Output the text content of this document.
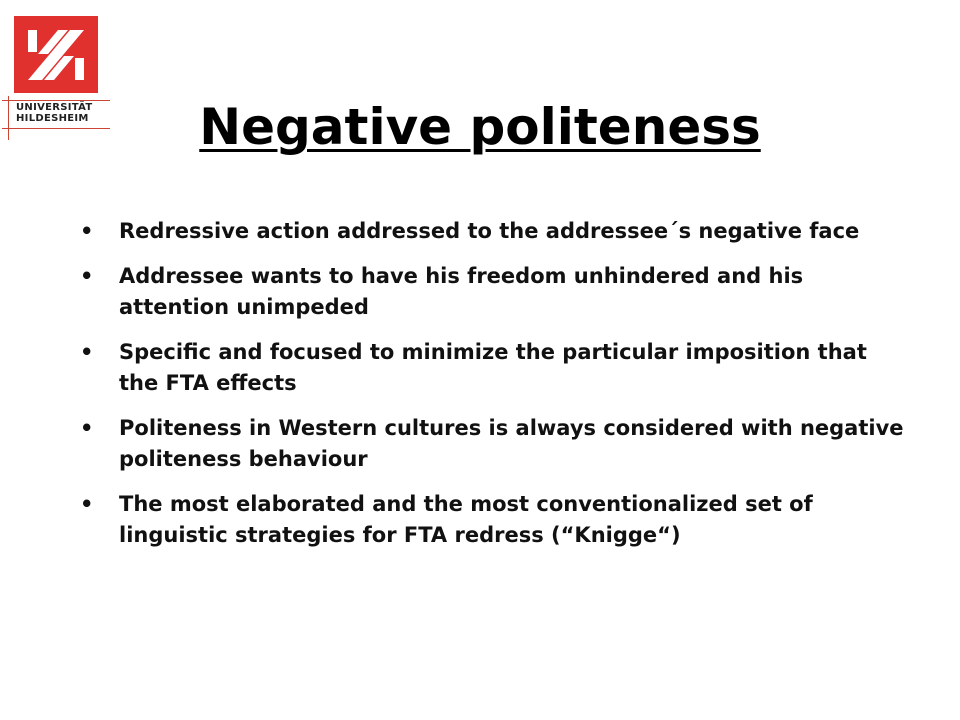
UNIVERSITÄT
HILDESHEIM	Negative politeness
•	Redressive action addressed to the addressee´s negative face
•	Addressee wants to have his freedom unhindered and his attention unimpeded
•	Specific and focused to minimize the particular imposition that the FTA effects
•	Politeness in Western cultures is always considered with negative politeness behaviour
•	The most elaborated and the most conventionalized set of linguistic strategies for FTA redress (“Knigge“)
